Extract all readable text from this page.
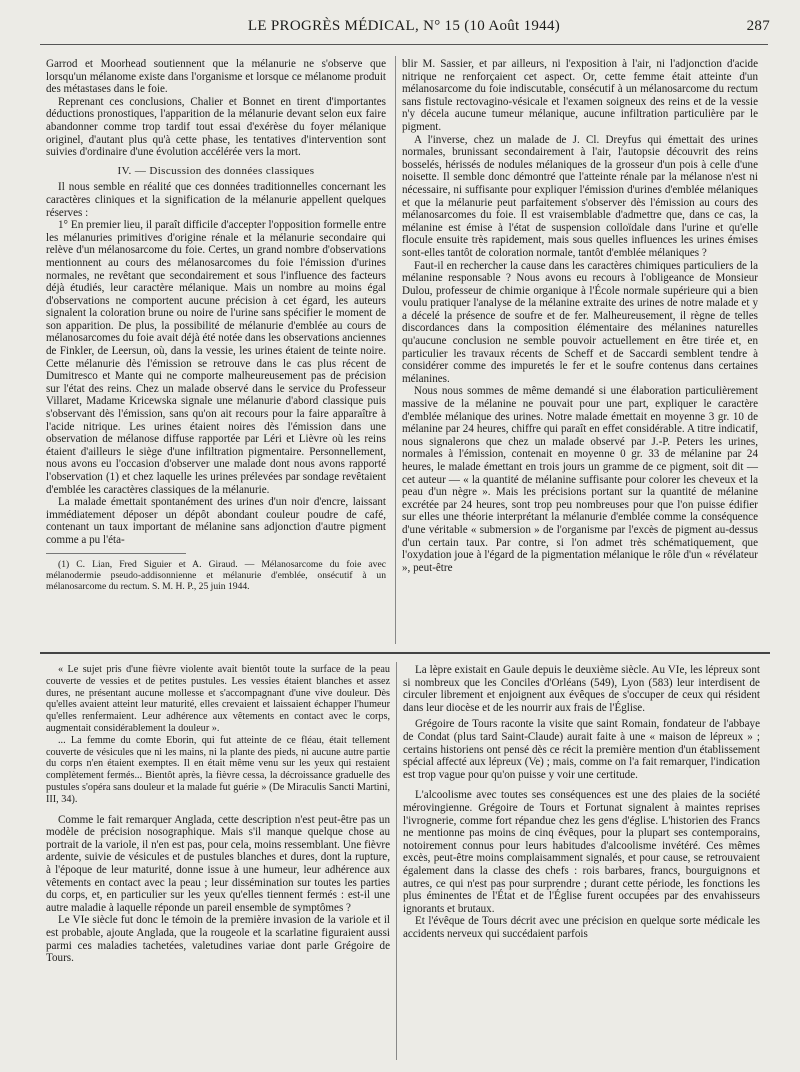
LE PROGRÈS MÉDICAL, N° 15 (10 Août 1944)	287

Garrod et Moorhead soutiennent que la mélanurie ne s'observe que lorsqu'un mélanome existe dans l'organisme et lorsque ce mélanome produit des métastases dans le foie.

Reprenant ces conclusions, Chalier et Bonnet en tirent d'importantes déductions pronostiques, l'apparition de la mélanurie devant selon eux faire abandonner comme trop tardif tout essai d'exérèse du foyer mélanique originel, d'autant plus qu'à cette phase, les tentatives d'intervention sont suivies d'ordinaire d'une évolution accélérée vers la mort.

IV. — Discussion des données classiques

Il nous semble en réalité que ces données traditionnelles concernant les caractères cliniques et la signification de la mélanurie appellent quelques réserves :

1° En premier lieu, il paraît difficile d'accepter l'opposition formelle entre les mélanuries primitives d'origine rénale et la mélanurie secondaire qui relève d'un mélanosarcome du foie. Certes, un grand nombre d'observations mentionnent au cours des mélanosarcomes du foie l'émission d'urines normales, ne revêtant que secondairement et sous l'influence des facteurs déjà étudiés, leur caractère mélanique. Mais un nombre au moins égal d'observations ne comportent aucune précision à cet égard, les auteurs signalent la coloration brune ou noire de l'urine sans spécifier le moment de son apparition. De plus, la possibilité de mélanurie d'emblée au cours de mélanosarcomes du foie avait déjà été notée dans les observations anciennes de Finkler, de Leersun, où, dans la vessie, les urines étaient de teinte noire. Cette mélanurie dès l'émission se retrouve dans le cas plus récent de Dumitresco et Mante qui ne comporte malheureusement pas de précision sur l'état des reins. Chez un malade observé dans le service du Professeur Villaret, Madame Kricewska signale une mélanurie d'abord classique puis s'observant dès l'émission, sans qu'on ait recours pour la faire apparaître à l'acide nitrique. Les urines étaient noires dès l'émission dans une observation de mélanose diffuse rapportée par Léri et Lièvre où les reins étaient d'ailleurs le siège d'une infiltration pigmentaire. Personnellement, nous avons eu l'occasion d'observer une malade dont nous avons rapporté l'observation (1) et chez laquelle les urines prélevées par sondage revêtaient d'emblée les caractères classiques de la mélanurie.

La malade émettait spontanément des urines d'un noir d'encre, laissant immédiatement déposer un dépôt abondant couleur poudre de café, contenant un taux important de mélanine sans adjonction d'autre pigment comme a pu l'éta-

(1) C. Lian, Fred Siguier et A. Giraud. — Mélanosarcome du foie avec mélanodermie pseudo-addisonnienne et mélanurie d'emblée, onsécutif à un mélanosarcome du rectum. S. M. H. P., 25 juin 1944.

blir M. Sassier, et par ailleurs, ni l'exposition à l'air, ni l'adjonction d'acide nitrique ne renforçaient cet aspect. Or, cette femme était atteinte d'un mélanosarcome du foie indiscutable, consécutif à un mélanosarcome du rectum sans fistule rectovagino-vésicale et l'examen soigneux des reins et de la vessie n'y décela aucune tumeur mélanique, aucune infiltration particulière par le pigment.

A l'inverse, chez un malade de J. Cl. Dreyfus qui émettait des urines normales, brunissant secondairement à l'air, l'autopsie découvrit des reins bosselés, hérissés de nodules mélaniques de la grosseur d'un pois à celle d'une noisette. Il semble donc démontré que l'atteinte rénale par la mélanose n'est ni nécessaire, ni suffisante pour expliquer l'émission d'urines d'emblée mélaniques et que la mélanurie peut parfaitement s'observer dès l'émission au cours des mélanosarcomes du foie. Il est vraisemblable d'admettre que, dans ce cas, la mélanine est émise à l'état de suspension colloïdale dans l'urine et qu'elle flocule ensuite très rapidement, mais sous quelles influences les urines émises sont-elles tantôt de coloration normale, tantôt d'emblée mélaniques ?

Faut-il en rechercher la cause dans les caractères chimiques particuliers de la mélanine responsable ? Nous avons eu recours à l'obligeance de Monsieur Dulou, professeur de chimie organique à l'École normale supérieure qui a bien voulu pratiquer l'analyse de la mélanine extraite des urines de notre malade et y a décelé la présence de soufre et de fer. Malheureusement, il règne de telles discordances dans la composition élémentaire des mélanines naturelles qu'aucune conclusion ne semble pouvoir actuellement en être tirée et, en particulier les travaux récents de Scheff et de Saccardi semblent tendre à considérer comme des impuretés le fer et le soufre contenus dans certaines mélanines.

Nous nous sommes de même demandé si une élaboration particulièrement massive de la mélanine ne pouvait pour une part, expliquer le caractère d'emblée mélanique des urines. Notre malade émettait en moyenne 3 gr. 10 de mélanine par 24 heures, chiffre qui paraît en effet considérable. A titre indicatif, nous signalerons que chez un malade observé par J.-P. Peters les urines, normales à l'émission, contenait en moyenne 0 gr. 33 de mélanine par 24 heures, le malade émettant en trois jours un gramme de ce pigment, soit dit — cet auteur — « la quantité de mélanine suffisante pour colorer les cheveux et la peau d'un nègre ». Mais les précisions portant sur la quantité de mélanine excrétée par 24 heures, sont trop peu nombreuses pour que l'on puisse édifier sur elles une théorie interprétant la mélanurie d'emblée comme la conséquence d'une véritable « submersion » de l'organisme par l'excès de pigment au-dessus d'un certain taux. Par contre, si l'on admet très schématiquement, que l'oxydation joue à l'égard de la pigmentation mélanique le rôle d'un « révélateur », peut-être

« Le sujet pris d'une fièvre violente avait bientôt toute la surface de la peau couverte de vessies et de petites pustules. Les vessies étaient blanches et assez dures, ne présentant aucune mollesse et s'accompagnant d'une vive douleur. Dès qu'elles avaient atteint leur maturité, elles crevaient et laissaient échapper l'humeur qu'elles renfermaient. Leur adhérence aux vêtements en contact avec le corps, augmentait considérablement la douleur ».

... La femme du comte Eborin, qui fut atteinte de ce fléau, était tellement couverte de vésicules que ni les mains, ni la plante des pieds, ni aucune autre partie du corps n'en étaient exemptes. Il en était même venu sur les yeux qui restaient complètement fermés... Bientôt après, la fièvre cessa, la décroissance graduelle des pustules s'opéra sans douleur et la malade fut guérie » (De Miraculis Sancti Martini, III, 34).

Comme le fait remarquer Anglada, cette description n'est peut-être pas un modèle de précision nosographique. Mais s'il manque quelque chose au portrait de la variole, il n'en est pas, pour cela, moins ressemblant. Une fièvre ardente, suivie de vésicules et de pustules blanches et dures, dont la rupture, à l'époque de leur maturité, donne issue à une humeur, leur adhérence aux vêtements en contact avec la peau ; leur dissémination sur toutes les parties du corps, et, en particulier sur les yeux qu'elles tiennent fermés : est-il une autre maladie à laquelle réponde un pareil ensemble de symptômes ?

Le VIe siècle fut donc le témoin de la première invasion de la variole et il est probable, ajoute Anglada, que la rougeole et la scarlatine figuraient aussi parmi ces maladies tachetées, valetudines variae dont parle Grégoire de Tours.

La lèpre existait en Gaule depuis le deuxième siècle. Au VIe, les lépreux sont si nombreux que les Conciles d'Orléans (549), Lyon (583) leur interdisent de circuler librement et enjoignent aux évêques de s'occuper de ceux qui résident dans leur diocèse et de les nourrir aux frais de l'Église.

Grégoire de Tours raconte la visite que saint Romain, fondateur de l'abbaye de Condat (plus tard Saint-Claude) aurait faite à une « maison de lépreux » ; certains historiens ont pensé dès ce récit la première mention d'un établissement spécial affecté aux lépreux (Ve) ; mais, comme on l'a fait remarquer, l'indication est trop vague pour qu'on puisse y voir une certitude.

L'alcoolisme avec toutes ses conséquences est une des plaies de la société mérovingienne. Grégoire de Tours et Fortunat signalent à maintes reprises l'ivrognerie, comme fort répandue chez les gens d'église. L'historien des Francs ne mentionne pas moins de cinq évêques, pour la plupart ses contemporains, notoirement connus pour leurs habitudes d'alcoolisme invétéré. Ces mêmes excès, peut-être moins complaisamment signalés, et pour cause, se retrouvaient également dans la classe des chefs : rois barbares, francs, bourguignons et autres, ce qui n'est pas pour surprendre ; durant cette période, les fonctions les plus éminentes de l'État et de l'Église furent occupées par des envahisseurs ignorants et brutaux.

Et l'évêque de Tours décrit avec une précision en quelque sorte médicale les accidents nerveux qui succédaient parfois
